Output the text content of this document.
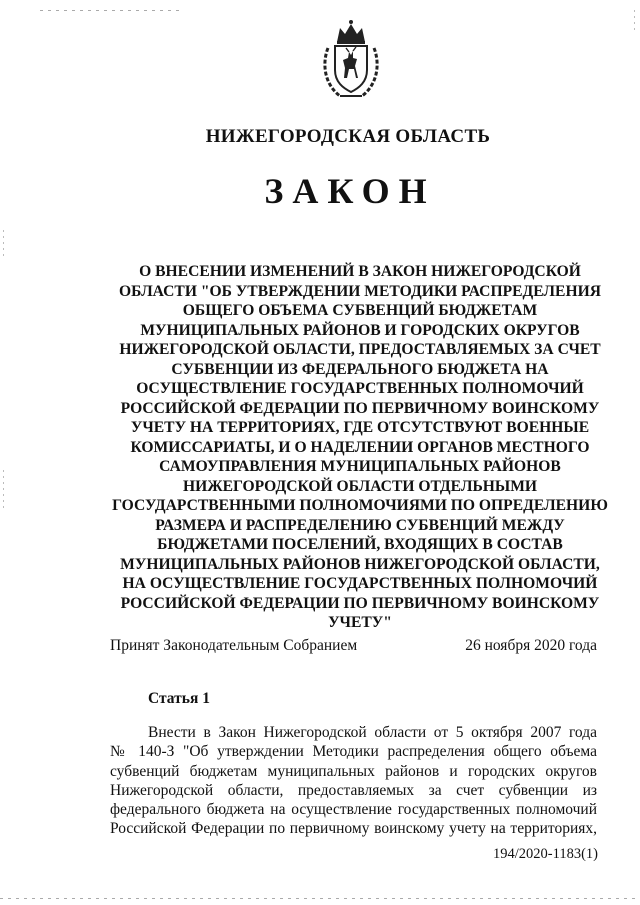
НИЖЕГОРОДСКАЯ ОБЛАСТЬ
ЗАКОН
О ВНЕСЕНИИ ИЗМЕНЕНИЙ В ЗАКОН НИЖЕГОРОДСКОЙ
ОБЛАСТИ "ОБ УТВЕРЖДЕНИИ МЕТОДИКИ РАСПРЕДЕЛЕНИЯ
ОБЩЕГО ОБЪЕМА СУБВЕНЦИЙ БЮДЖЕТАМ
МУНИЦИПАЛЬНЫХ РАЙОНОВ И ГОРОДСКИХ ОКРУГОВ
НИЖЕГОРОДСКОЙ ОБЛАСТИ, ПРЕДОСТАВЛЯЕМЫХ ЗА СЧЕТ
СУБВЕНЦИИ ИЗ ФЕДЕРАЛЬНОГО БЮДЖЕТА НА
ОСУЩЕСТВЛЕНИЕ ГОСУДАРСТВЕННЫХ ПОЛНОМОЧИЙ
РОССИЙСКОЙ ФЕДЕРАЦИИ ПО ПЕРВИЧНОМУ ВОИНСКОМУ
УЧЕТУ НА ТЕРРИТОРИЯХ, ГДЕ ОТСУТСТВУЮТ ВОЕННЫЕ
КОМИССАРИАТЫ, И О НАДЕЛЕНИИ ОРГАНОВ МЕСТНОГО
САМОУПРАВЛЕНИЯ МУНИЦИПАЛЬНЫХ РАЙОНОВ
НИЖЕГОРОДСКОЙ ОБЛАСТИ ОТДЕЛЬНЫМИ
ГОСУДАРСТВЕННЫМИ ПОЛНОМОЧИЯМИ ПО ОПРЕДЕЛЕНИЮ
РАЗМЕРА И РАСПРЕДЕЛЕНИЮ СУБВЕНЦИЙ МЕЖДУ
БЮДЖЕТАМИ ПОСЕЛЕНИЙ, ВХОДЯЩИХ В СОСТАВ
МУНИЦИПАЛЬНЫХ РАЙОНОВ НИЖЕГОРОДСКОЙ ОБЛАСТИ,
НА ОСУЩЕСТВЛЕНИЕ ГОСУДАРСТВЕННЫХ ПОЛНОМОЧИЙ
РОССИЙСКОЙ ФЕДЕРАЦИИ ПО ПЕРВИЧНОМУ ВОИНСКОМУ
УЧЕТУ"
Принят Законодательным Собранием	26 ноября 2020 года
Статья 1
Внести в Закон Нижегородской области от 5 октября 2007 года
№ 140-З "Об утверждении Методики распределения общего объема
субвенций бюджетам муниципальных районов и городских округов
Нижегородской области, предоставляемых за счет субвенции из
федерального бюджета на осуществление государственных полномочий
Российской Федерации по первичному воинскому учету на территориях,
194/2020-1183(1)
